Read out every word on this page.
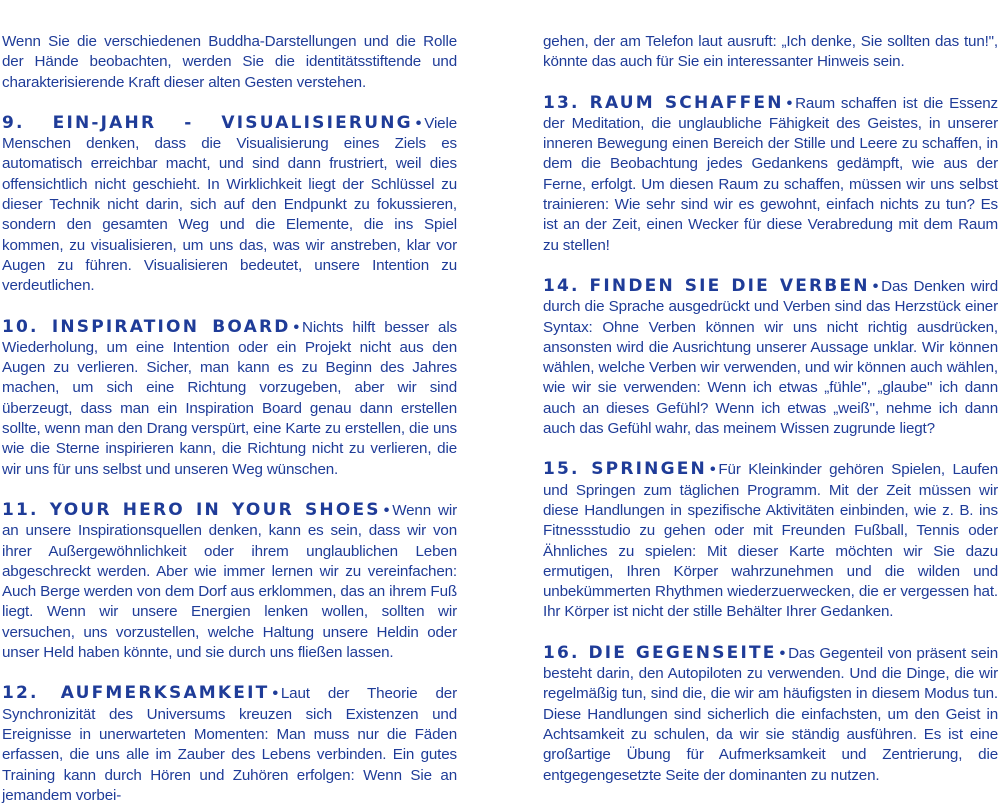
Wenn Sie die verschiedenen Buddha-Darstellungen und die Rolle der Hände beobachten, werden Sie die identitätsstiftende und charakterisierende Kraft dieser alten Gesten verstehen.

9. EIN-JAHR - VISUALISIERUNG • Viele Menschen denken, dass die Visualisierung eines Ziels es automatisch erreichbar macht, und sind dann frustriert, weil dies offensichtlich nicht geschieht. In Wirklichkeit liegt der Schlüssel zu dieser Technik nicht darin, sich auf den Endpunkt zu fokussieren, sondern den gesamten Weg und die Elemente, die ins Spiel kommen, zu visualisieren, um uns das, was wir anstreben, klar vor Augen zu führen. Visualisieren bedeutet, unsere Intention zu verdeutlichen.

10. INSPIRATION BOARD • Nichts hilft besser als Wiederholung, um eine Intention oder ein Projekt nicht aus den Augen zu verlieren. Sicher, man kann es zu Beginn des Jahres machen, um sich eine Richtung vorzugeben, aber wir sind überzeugt, dass man ein Inspiration Board genau dann erstellen sollte, wenn man den Drang verspürt, eine Karte zu erstellen, die uns wie die Sterne inspirieren kann, die Richtung nicht zu verlieren, die wir uns für uns selbst und unseren Weg wünschen.

11. YOUR HERO IN YOUR SHOES • Wenn wir an unsere Inspirationsquellen denken, kann es sein, dass wir von ihrer Außergewöhnlichkeit oder ihrem unglaublichen Leben abgeschreckt werden. Aber wie immer lernen wir zu vereinfachen: Auch Berge werden von dem Dorf aus erklommen, das an ihrem Fuß liegt. Wenn wir unsere Energien lenken wollen, sollten wir versuchen, uns vorzustellen, welche Haltung unsere Heldin oder unser Held haben könnte, und sie durch uns fließen lassen.

12. AUFMERKSAMKEIT • Laut der Theorie der Synchronizität des Universums kreuzen sich Existenzen und Ereignisse in unerwarteten Momenten: Man muss nur die Fäden erfassen, die uns alle im Zauber des Lebens verbinden. Ein gutes Training kann durch Hören und Zuhören erfolgen: Wenn Sie an jemandem vorbei-

gehen, der am Telefon laut ausruft: „Ich denke, Sie sollten das tun!", könnte das auch für Sie ein interessanter Hinweis sein.

13. RAUM SCHAFFEN • Raum schaffen ist die Essenz der Meditation, die unglaubliche Fähigkeit des Geistes, in unserer inneren Bewegung einen Bereich der Stille und Leere zu schaffen, in dem die Beobachtung jedes Gedankens gedämpft, wie aus der Ferne, erfolgt. Um diesen Raum zu schaffen, müssen wir uns selbst trainieren: Wie sehr sind wir es gewohnt, einfach nichts zu tun? Es ist an der Zeit, einen Wecker für diese Verabredung mit dem Raum zu stellen!

14. FINDEN SIE DIE VERBEN • Das Denken wird durch die Sprache ausgedrückt und Verben sind das Herzstück einer Syntax: Ohne Verben können wir uns nicht richtig ausdrücken, ansonsten wird die Ausrichtung unserer Aussage unklar. Wir können wählen, welche Verben wir verwenden, und wir können auch wählen, wie wir sie verwenden: Wenn ich etwas „fühle", „glaube" ich dann auch an dieses Gefühl? Wenn ich etwas „weiß", nehme ich dann auch das Gefühl wahr, das meinem Wissen zugrunde liegt?

15. SPRINGEN • Für Kleinkinder gehören Spielen, Laufen und Springen zum täglichen Programm. Mit der Zeit müssen wir diese Handlungen in spezifische Aktivitäten einbinden, wie z. B. ins Fitnessstudio zu gehen oder mit Freunden Fußball, Tennis oder Ähnliches zu spielen: Mit dieser Karte möchten wir Sie dazu ermutigen, Ihren Körper wahrzunehmen und die wilden und unbekümmerten Rhythmen wiederzuerwecken, die er vergessen hat. Ihr Körper ist nicht der stille Behälter Ihrer Gedanken.

16. DIE GEGENSEITE • Das Gegenteil von präsent sein besteht darin, den Autopiloten zu verwenden. Und die Dinge, die wir regelmäßig tun, sind die, die wir am häufigsten in diesem Modus tun. Diese Handlungen sind sicherlich die einfachsten, um den Geist in Achtsamkeit zu schulen, da wir sie ständig ausführen. Es ist eine großartige Übung für Aufmerksamkeit und Zentrierung, die entgegengesetzte Seite der dominanten zu nutzen.
